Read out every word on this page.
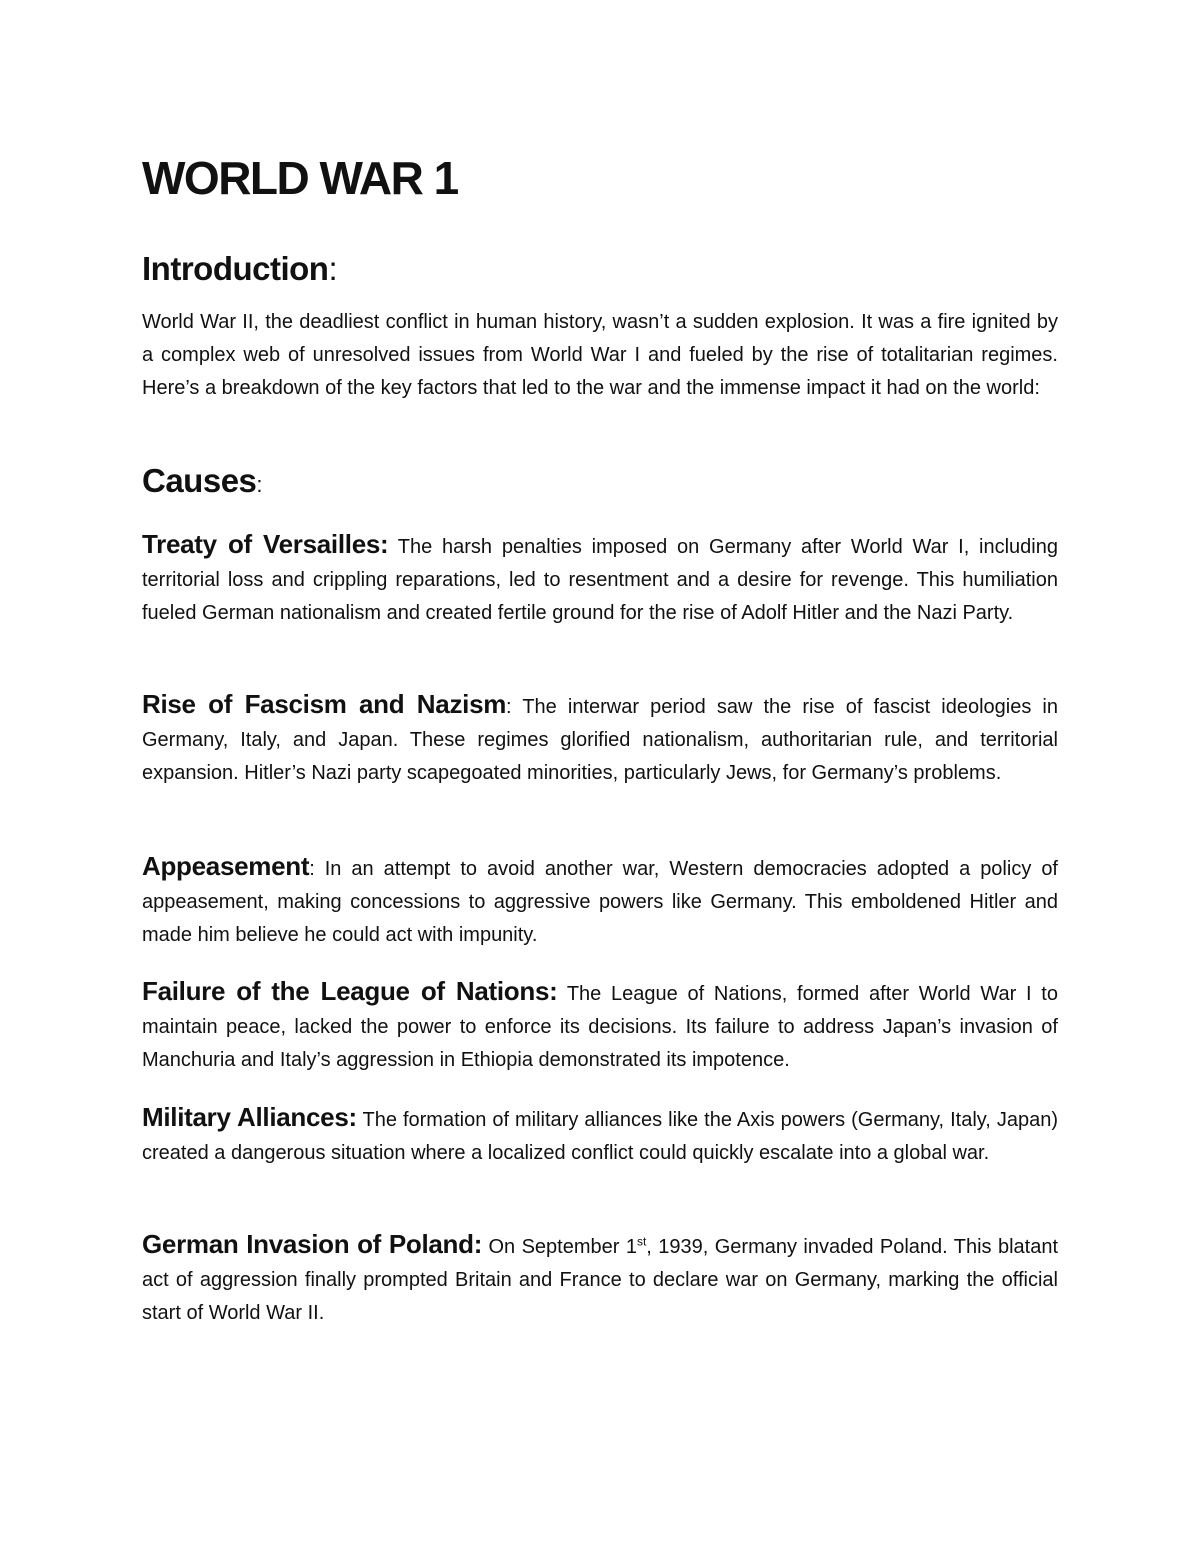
WORLD WAR 1
Introduction:

World War II, the deadliest conflict in human history, wasn’t a sudden explosion. It was a fire ignited by a complex web of unresolved issues from World War I and fueled by the rise of totalitarian regimes. Here’s a breakdown of the key factors that led to the war and the immense impact it had on the world:

Causes:

Treaty of Versailles: The harsh penalties imposed on Germany after World War I, including territorial loss and crippling reparations, led to resentment and a desire for revenge. This humiliation fueled German nationalism and created fertile ground for the rise of Adolf Hitler and the Nazi Party.

Rise of Fascism and Nazism: The interwar period saw the rise of fascist ideologies in Germany, Italy, and Japan. These regimes glorified nationalism, authoritarian rule, and territorial expansion. Hitler’s Nazi party scapegoated minorities, particularly Jews, for Germany’s problems.

Appeasement: In an attempt to avoid another war, Western democracies adopted a policy of appeasement, making concessions to aggressive powers like Germany. This emboldened Hitler and made him believe he could act with impunity.

Failure of the League of Nations: The League of Nations, formed after World War I to maintain peace, lacked the power to enforce its decisions. Its failure to address Japan’s invasion of Manchuria and Italy’s aggression in Ethiopia demonstrated its impotence.

Military Alliances: The formation of military alliances like the Axis powers (Germany, Italy, Japan) created a dangerous situation where a localized conflict could quickly escalate into a global war.

German Invasion of Poland: On September 1st, 1939, Germany invaded Poland. This blatant act of aggression finally prompted Britain and France to declare war on Germany, marking the official start of World War II.
